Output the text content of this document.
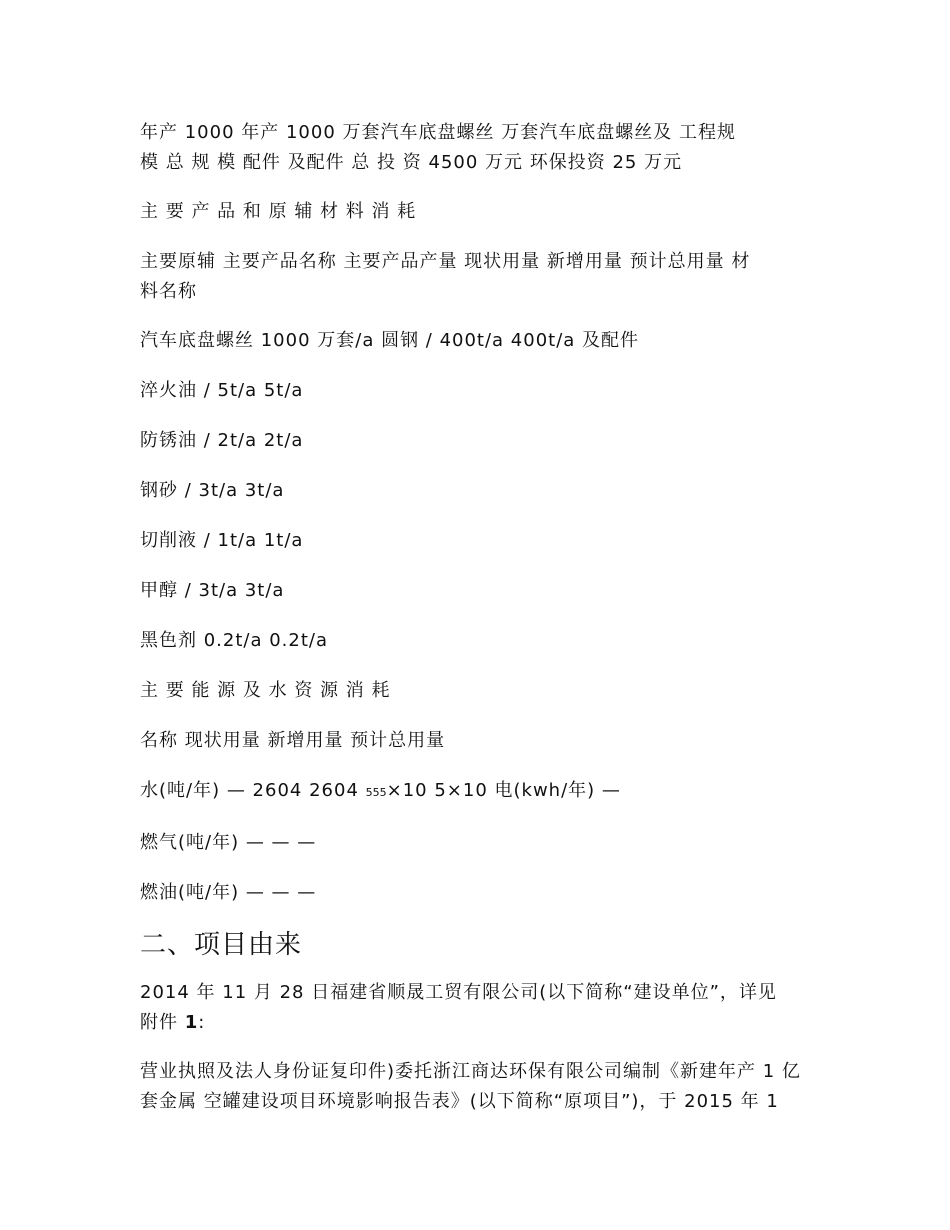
年产 1000 年产 1000 万套汽车底盘螺丝 万套汽车底盘螺丝及 工程规
模 总 规 模 配件 及配件 总 投 资 4500 万元 环保投资 25 万元
主 要 产 品 和 原 辅 材 料 消 耗
主要原辅 主要产品名称 主要产品产量 现状用量 新增用量 预计总用量 材
料名称
汽车底盘螺丝 1000 万套/a 圆钢 / 400t/a 400t/a 及配件
淬火油 / 5t/a 5t/a
防锈油 / 2t/a 2t/a
钢砂 / 3t/a 3t/a
切削液 / 1t/a 1t/a
甲醇 / 3t/a 3t/a
黑色剂 0.2t/a 0.2t/a
主 要 能 源 及 水 资 源 消 耗
名称 现状用量 新增用量 预计总用量
水(吨/年) — 2604 2604 555×10 5×10 电(kwh/年) —
燃气(吨/年) — — —
燃油(吨/年) — — —
二、项目由来
2014 年 11 月 28 日福建省顺晟工贸有限公司(以下简称“建设单位”，详见
附件 1:
营业执照及法人身份证复印件)委托浙江商达环保有限公司编制《新建年产 1 亿
套金属 空罐建设项目环境影响报告表》(以下简称“原项目”)，于 2015 年 1
